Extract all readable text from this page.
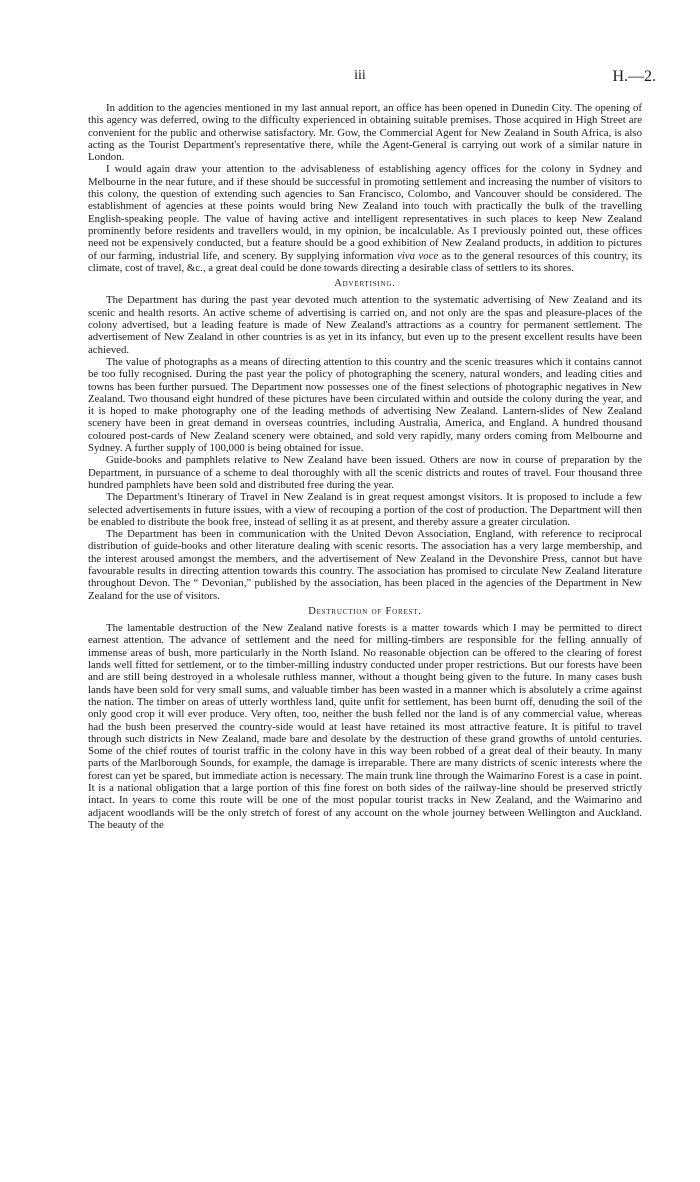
iii	H.—2.

In addition to the agencies mentioned in my last annual report, an office has been opened in Dunedin City. The opening of this agency was deferred, owing to the difficulty experienced in obtaining suitable premises. Those acquired in High Street are convenient for the public and otherwise satisfactory. Mr. Gow, the Commercial Agent for New Zealand in South Africa, is also acting as the Tourist Department's representative there, while the Agent-General is carrying out work of a similar nature in London.

I would again draw your attention to the advisableness of establishing agency offices for the colony in Sydney and Melbourne in the near future, and if these should be successful in promoting settlement and increasing the number of visitors to this colony, the question of extending such agencies to San Francisco, Colombo, and Vancouver should be considered. The establishment of agencies at these points would bring New Zealand into touch with practically the bulk of the travelling English-speaking people. The value of having active and intelligent representatives in such places to keep New Zealand prominently before residents and travellers would, in my opinion, be incalculable. As I previously pointed out, these offices need not be expensively conducted, but a feature should be a good exhibition of New Zealand products, in addition to pictures of our farming, industrial life, and scenery. By supplying information viva voce as to the general resources of this country, its climate, cost of travel, &c., a great deal could be done towards directing a desirable class of settlers to its shores.

Advertising.

The Department has during the past year devoted much attention to the systematic advertising of New Zealand and its scenic and health resorts. An active scheme of advertising is carried on, and not only are the spas and pleasure-places of the colony advertised, but a leading feature is made of New Zealand's attractions as a country for permanent settlement. The advertisement of New Zealand in other countries is as yet in its infancy, but even up to the present excellent results have been achieved.

The value of photographs as a means of directing attention to this country and the scenic treasures which it contains cannot be too fully recognised. During the past year the policy of photographing the scenery, natural wonders, and leading cities and towns has been further pursued. The Department now possesses one of the finest selections of photographic negatives in New Zealand. Two thousand eight hundred of these pictures have been circulated within and outside the colony during the year, and it is hoped to make photography one of the leading methods of advertising New Zealand. Lantern-slides of New Zealand scenery have been in great demand in overseas countries, including Australia, America, and England. A hundred thousand coloured post-cards of New Zealand scenery were obtained, and sold very rapidly, many orders coming from Melbourne and Sydney. A further supply of 100,000 is being obtained for issue.

Guide-books and pamphlets relative to New Zealand have been issued. Others are now in course of preparation by the Department, in pursuance of a scheme to deal thoroughly with all the scenic districts and routes of travel. Four thousand three hundred pamphlets have been sold and distributed free during the year.

The Department's Itinerary of Travel in New Zealand is in great request amongst visitors. It is proposed to include a few selected advertisements in future issues, with a view of recouping a portion of the cost of production. The Department will then be enabled to distribute the book free, instead of selling it as at present, and thereby assure a greater circulation.

The Department has been in communication with the United Devon Association, England, with reference to reciprocal distribution of guide-books and other literature dealing with scenic resorts. The association has a very large membership, and the interest aroused amongst the members, and the advertisement of New Zealand in the Devonshire Press, cannot but have favourable results in directing attention towards this country. The association has promised to circulate New Zealand literature throughout Devon. The “ Devonian,” published by the association, has been placed in the agencies of the Department in New Zealand for the use of visitors.

Destruction of Forest.

The lamentable destruction of the New Zealand native forests is a matter towards which I may be permitted to direct earnest attention. The advance of settlement and the need for milling-timbers are responsible for the felling annually of immense areas of bush, more particularly in the North Island. No reasonable objection can be offered to the clearing of forest lands well fitted for settlement, or to the timber-milling industry conducted under proper restrictions. But our forests have been and are still being destroyed in a wholesale ruthless manner, without a thought being given to the future. In many cases bush lands have been sold for very small sums, and valuable timber has been wasted in a manner which is absolutely a crime against the nation. The timber on areas of utterly worthless land, quite unfit for settlement, has been burnt off, denuding the soil of the only good crop it will ever produce. Very often, too, neither the bush felled nor the land is of any commercial value, whereas had the bush been preserved the country-side would at least have retained its most attractive feature. It is pitiful to travel through such districts in New Zealand, made bare and desolate by the destruction of these grand growths of untold centuries. Some of the chief routes of tourist traffic in the colony have in this way been robbed of a great deal of their beauty. In many parts of the Marlborough Sounds, for example, the damage is irreparable. There are many districts of scenic interests where the forest can yet be spared, but immediate action is necessary. The main trunk line through the Waimarino Forest is a case in point. It is a national obligation that a large portion of this fine forest on both sides of the railway-line should be preserved strictly intact. In years to come this route will be one of the most popular tourist tracks in New Zealand, and the Waimarino and adjacent woodlands will be the only stretch of forest of any account on the whole journey between Wellington and Auckland. The beauty of the
